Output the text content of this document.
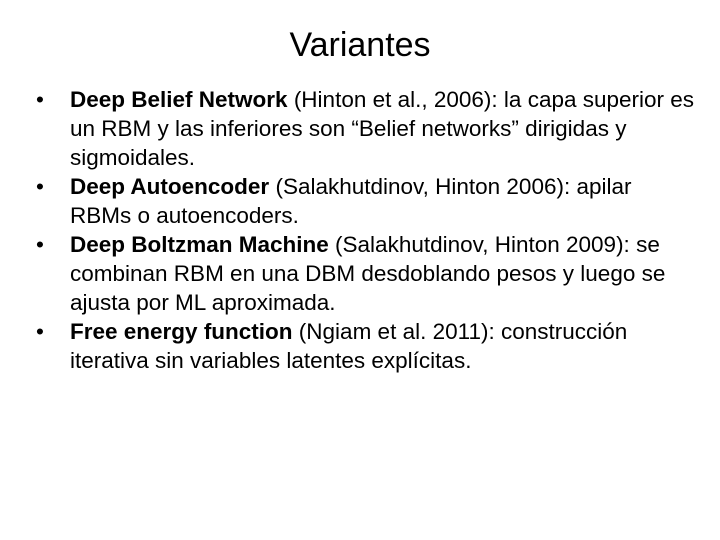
Variantes
•	Deep Belief Network (Hinton et al., 2006): la capa superior es un RBM y las inferiores son “Belief networks” dirigidas y sigmoidales.
•	Deep Autoencoder (Salakhutdinov, Hinton 2006): apilar RBMs o autoencoders.
•	Deep Boltzman Machine (Salakhutdinov, Hinton 2009): se combinan RBM en una DBM desdoblando pesos y luego se ajusta por ML aproximada.
•	Free energy function (Ngiam et al. 2011): construcción iterativa sin variables latentes explícitas.
